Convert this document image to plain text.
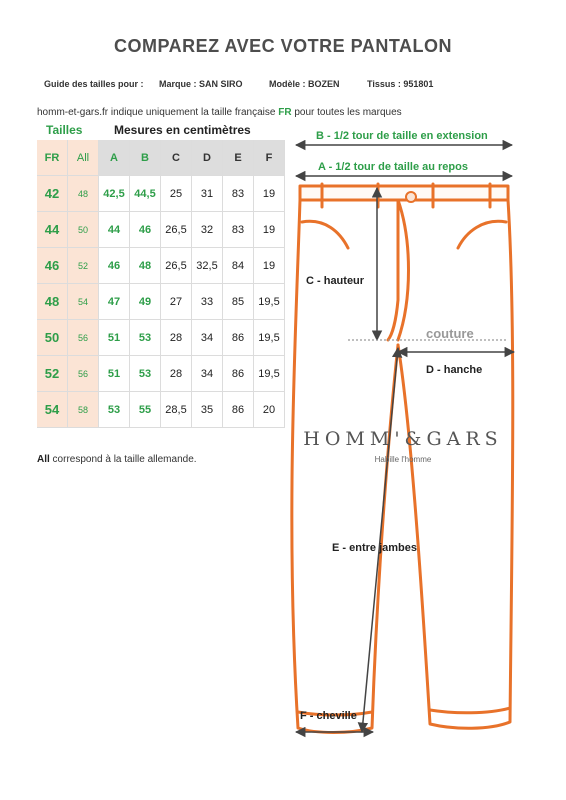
COMPAREZ AVEC VOTRE PANTALON
Guide des tailles pour : Marque : SAN SIRO	Modèle : BOZEN	Tissus : 951801
homm-et-gars.fr indique uniquement la taille française FR pour toutes les marques
Tailles	Mesures en centimètres
FR	All	A	B	C	D	E	F
42	48	42,5	44,5	25	31	83	19
44	50	44	46	26,5	32	83	19
46	52	46	48	26,5	32,5	84	19
48	54	47	49	27	33	85	19,5
50	56	51	53	28	34	86	19,5
52	56	51	53	28	34	86	19,5
54	58	53	55	28,5	35	86	20
All correspond à la taille allemande.
B - 1/2 tour de taille en extension
A - 1/2 tour de taille au repos
C - hauteur
couture
D - hanche
E - entre jambes
F - cheville
HOMM'&GARS
Habille l'homme
